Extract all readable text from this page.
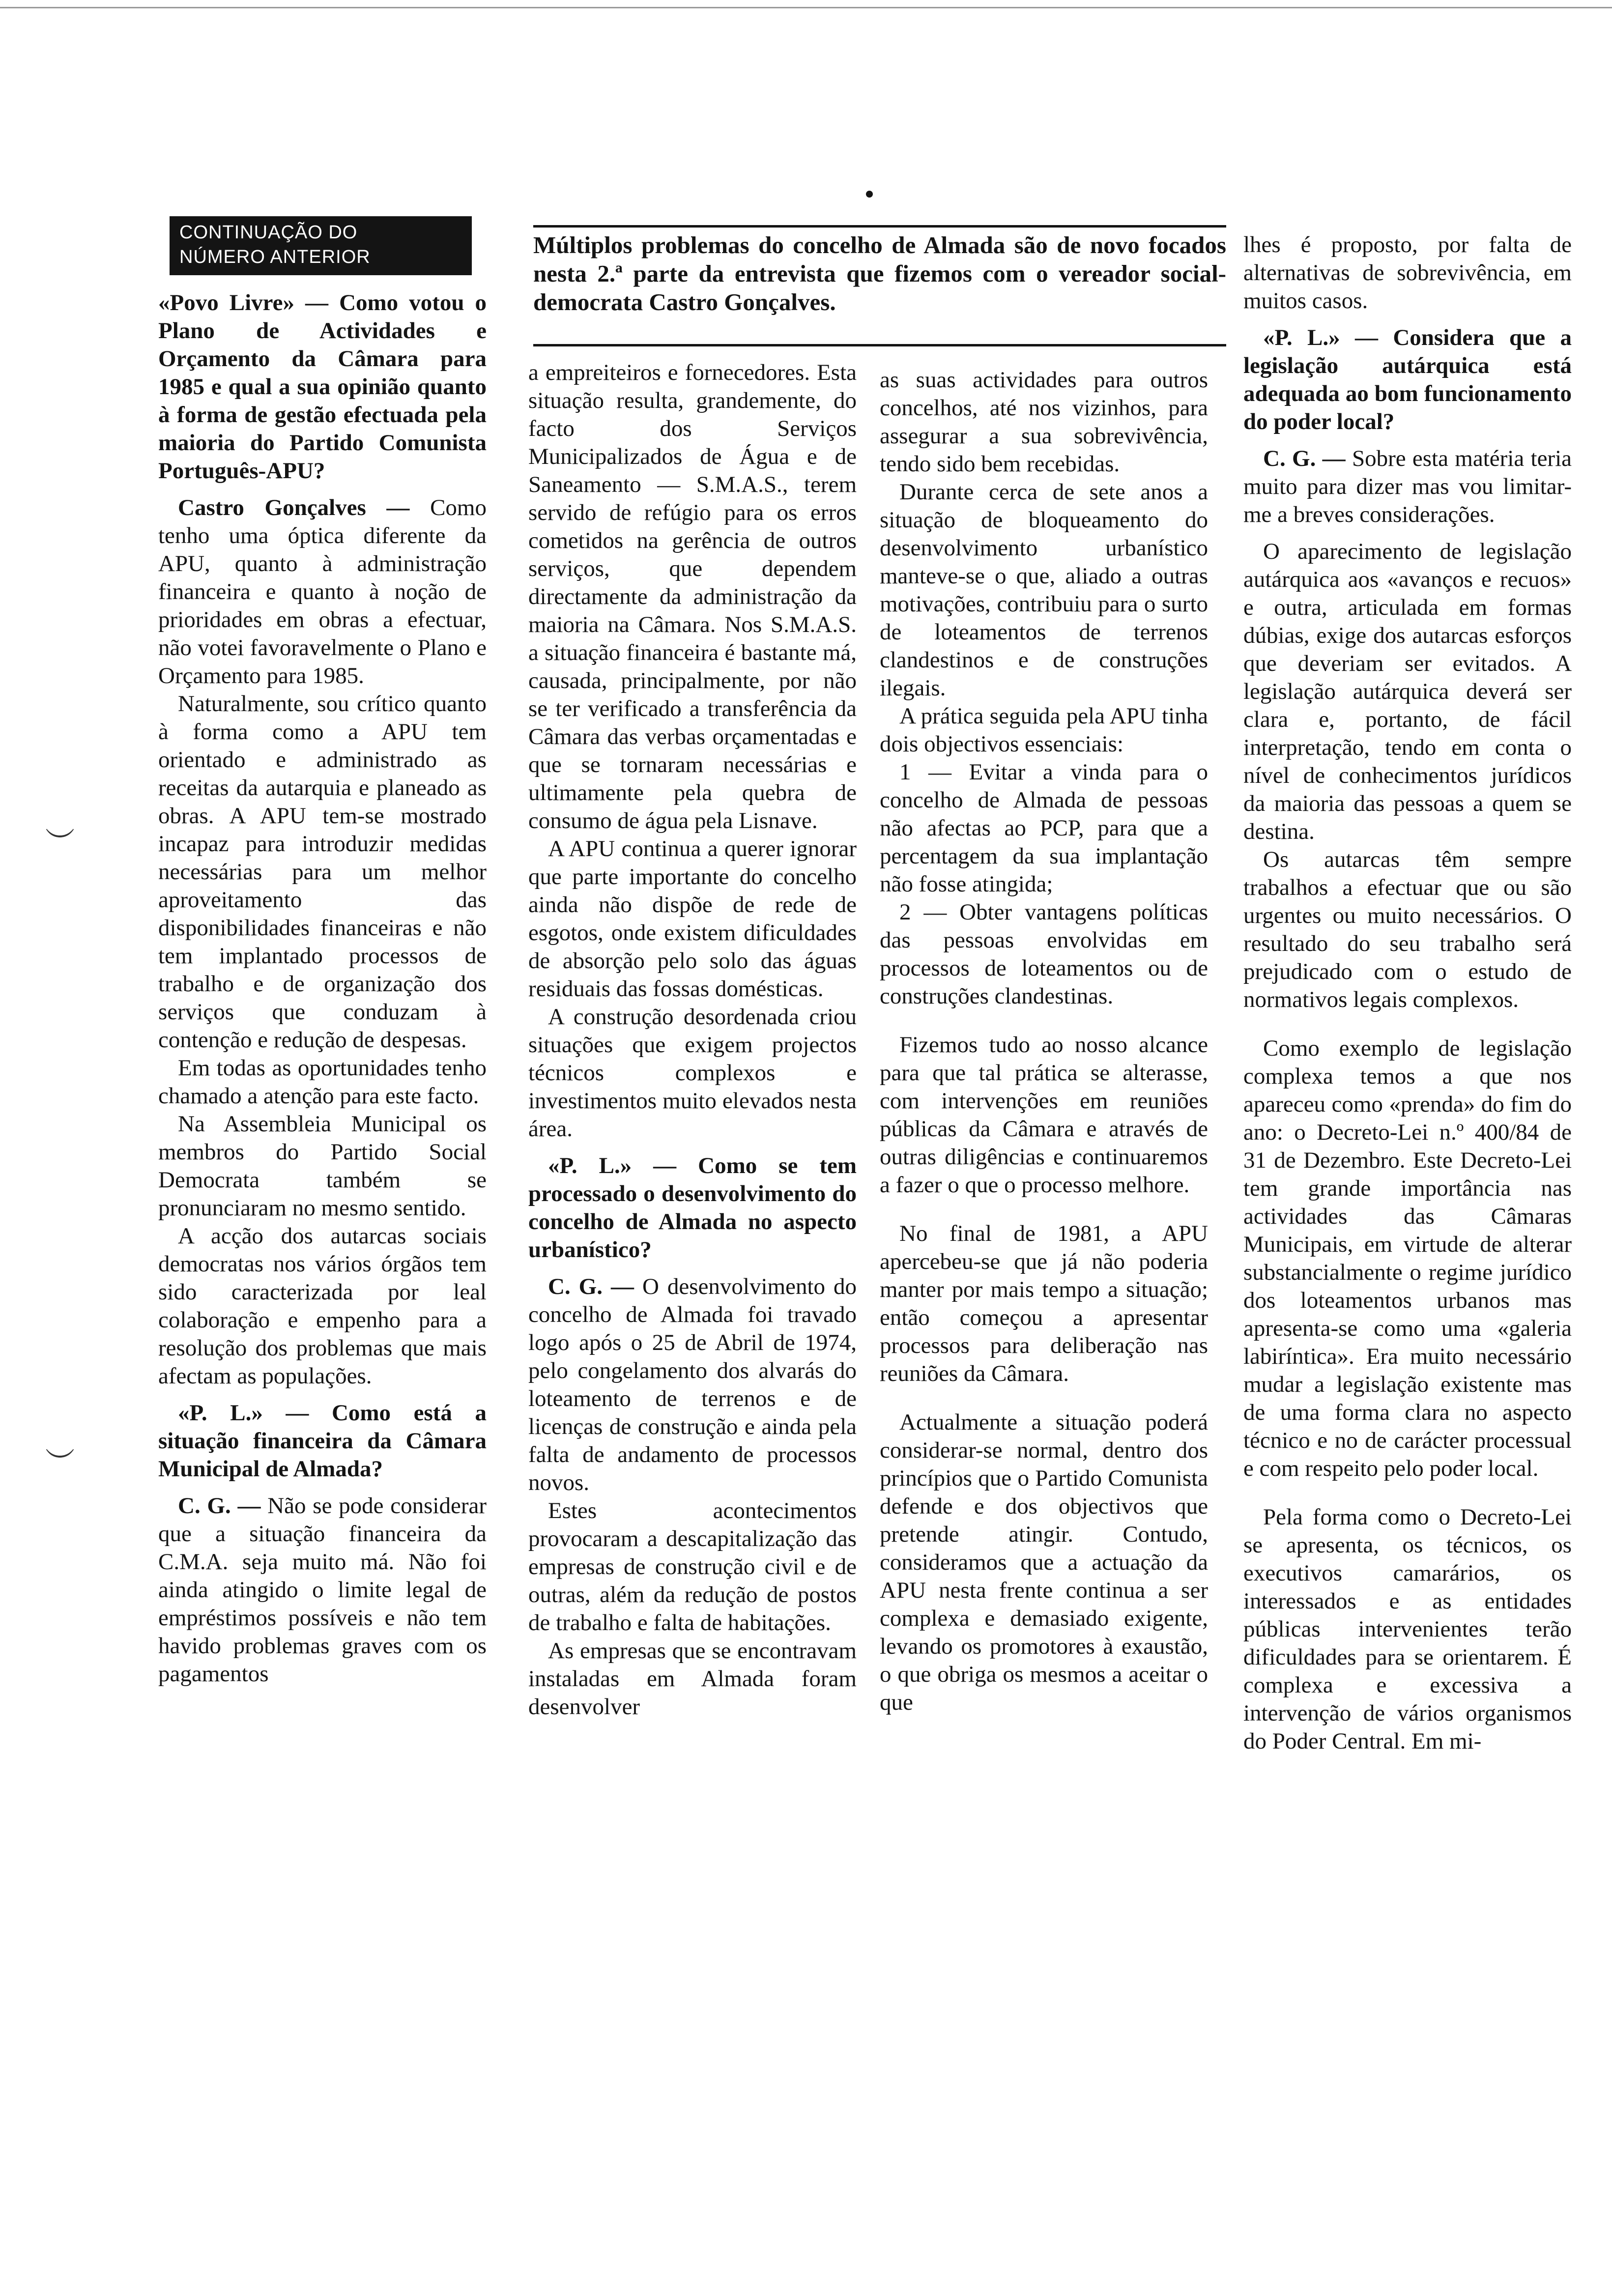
︶
︶
CONTINUAÇÃO DO
NÚMERO ANTERIOR	Múltiplos problemas do concelho de Almada são de novo focados nesta 2.ª parte da entrevista que fizemos com o vereador social-democrata Castro Gonçalves.

«Povo Livre» — Como votou o Plano de Actividades e Orçamento da Câmara para 1985 e qual a sua opinião quanto à forma de gestão efectuada pela maioria do Partido Comunista Português-APU?

Castro Gonçalves — Como tenho uma óptica diferente da APU, quanto à administração financeira e quanto à noção de prioridades em obras a efectuar, não votei favoravelmente o Plano e Orçamento para 1985.

Naturalmente, sou crítico quanto à forma como a APU tem orientado e administrado as receitas da autarquia e planeado as obras. A APU tem-se mostrado incapaz para introduzir medidas necessárias para um melhor aproveitamento das disponibilidades financeiras e não tem implantado processos de trabalho e de organização dos serviços que conduzam à contenção e redução de despesas.

Em todas as oportunidades tenho chamado a atenção para este facto.

Na Assembleia Municipal os membros do Partido Social Democrata também se pronunciaram no mesmo sentido.

A acção dos autarcas sociais democratas nos vários órgãos tem sido caracterizada por leal colaboração e empenho para a resolução dos problemas que mais afectam as populações.

«P. L.» — Como está a situação financeira da Câmara Municipal de Almada?

C. G. — Não se pode considerar que a situação financeira da C.M.A. seja muito má. Não foi ainda atingido o limite legal de empréstimos possíveis e não tem havido problemas graves com os pagamentos

a empreiteiros e fornecedores. Esta situação resulta, grandemente, do facto dos Serviços Municipalizados de Água e de Saneamento — S.M.A.S., terem servido de refúgio para os erros cometidos na gerência de outros serviços, que dependem directamente da administração da maioria na Câmara. Nos S.M.A.S. a situação financeira é bastante má, causada, principalmente, por não se ter verificado a transferência da Câmara das verbas orçamentadas e que se tornaram necessárias e ultimamente pela quebra de consumo de água pela Lisnave.

A APU continua a querer ignorar que parte importante do concelho ainda não dispõe de rede de esgotos, onde existem dificuldades de absorção pelo solo das águas residuais das fossas domésticas.

A construção desordenada criou situações que exigem projectos técnicos complexos e investimentos muito elevados nesta área.

«P. L.» — Como se tem processado o desenvolvimento do concelho de Almada no aspecto urbanístico?

C. G. — O desenvolvimento do concelho de Almada foi travado logo após o 25 de Abril de 1974, pelo congelamento dos alvarás do loteamento de terrenos e de licenças de construção e ainda pela falta de andamento de processos novos.

Estes acontecimentos provocaram a descapitalização das empresas de construção civil e de outras, além da redução de postos de trabalho e falta de habitações.

As empresas que se encontravam instaladas em Almada foram desenvolver

as suas actividades para outros concelhos, até nos vizinhos, para assegurar a sua sobrevivência, tendo sido bem recebidas.

Durante cerca de sete anos a situação de bloqueamento do desenvolvimento urbanístico manteve-se o que, aliado a outras motivações, contribuiu para o surto de loteamentos de terrenos clandestinos e de construções ilegais.

A prática seguida pela APU tinha dois objectivos essenciais:

1 — Evitar a vinda para o concelho de Almada de pessoas não afectas ao PCP, para que a percentagem da sua implantação não fosse atingida;

2 — Obter vantagens políticas das pessoas envolvidas em processos de loteamentos ou de construções clandestinas.

Fizemos tudo ao nosso alcance para que tal prática se alterasse, com intervenções em reuniões públicas da Câmara e através de outras diligências e continuaremos a fazer o que o processo melhore.

No final de 1981, a APU apercebeu-se que já não poderia manter por mais tempo a situação; então começou a apresentar processos para deliberação nas reuniões da Câmara.

Actualmente a situação poderá considerar-se normal, dentro dos princípios que o Partido Comunista defende e dos objectivos que pretende atingir. Contudo, consideramos que a actuação da APU nesta frente continua a ser complexa e demasiado exigente, levando os promotores à exaustão, o que obriga os mesmos a aceitar o que

lhes é proposto, por falta de alternativas de sobrevivência, em muitos casos.

«P. L.» — Considera que a legislação autárquica está adequada ao bom funcionamento do poder local?

C. G. — Sobre esta matéria teria muito para dizer mas vou limitar-me a breves considerações.

O aparecimento de legislação autárquica aos «avanços e recuos» e outra, articulada em formas dúbias, exige dos autarcas esforços que deveriam ser evitados. A legislação autárquica deverá ser clara e, portanto, de fácil interpretação, tendo em conta o nível de conhecimentos jurídicos da maioria das pessoas a quem se destina.

Os autarcas têm sempre trabalhos a efectuar que ou são urgentes ou muito necessários. O resultado do seu trabalho será prejudicado com o estudo de normativos legais complexos.

Como exemplo de legislação complexa temos a que nos apareceu como «prenda» do fim do ano: o Decreto-Lei n.º 400/84 de 31 de Dezembro. Este Decreto-Lei tem grande importância nas actividades das Câmaras Municipais, em virtude de alterar substancialmente o regime jurídico dos loteamentos urbanos mas apresenta-se como uma «galeria labiríntica». Era muito necessário mudar a legislação existente mas de uma forma clara no aspecto técnico e no de carácter processual e com respeito pelo poder local.

Pela forma como o Decreto-Lei se apresenta, os técnicos, os executivos camarários, os interessados e as entidades públicas intervenientes terão dificuldades para se orientarem. É complexa e excessiva a intervenção de vários organismos do Poder Central. Em mi-
